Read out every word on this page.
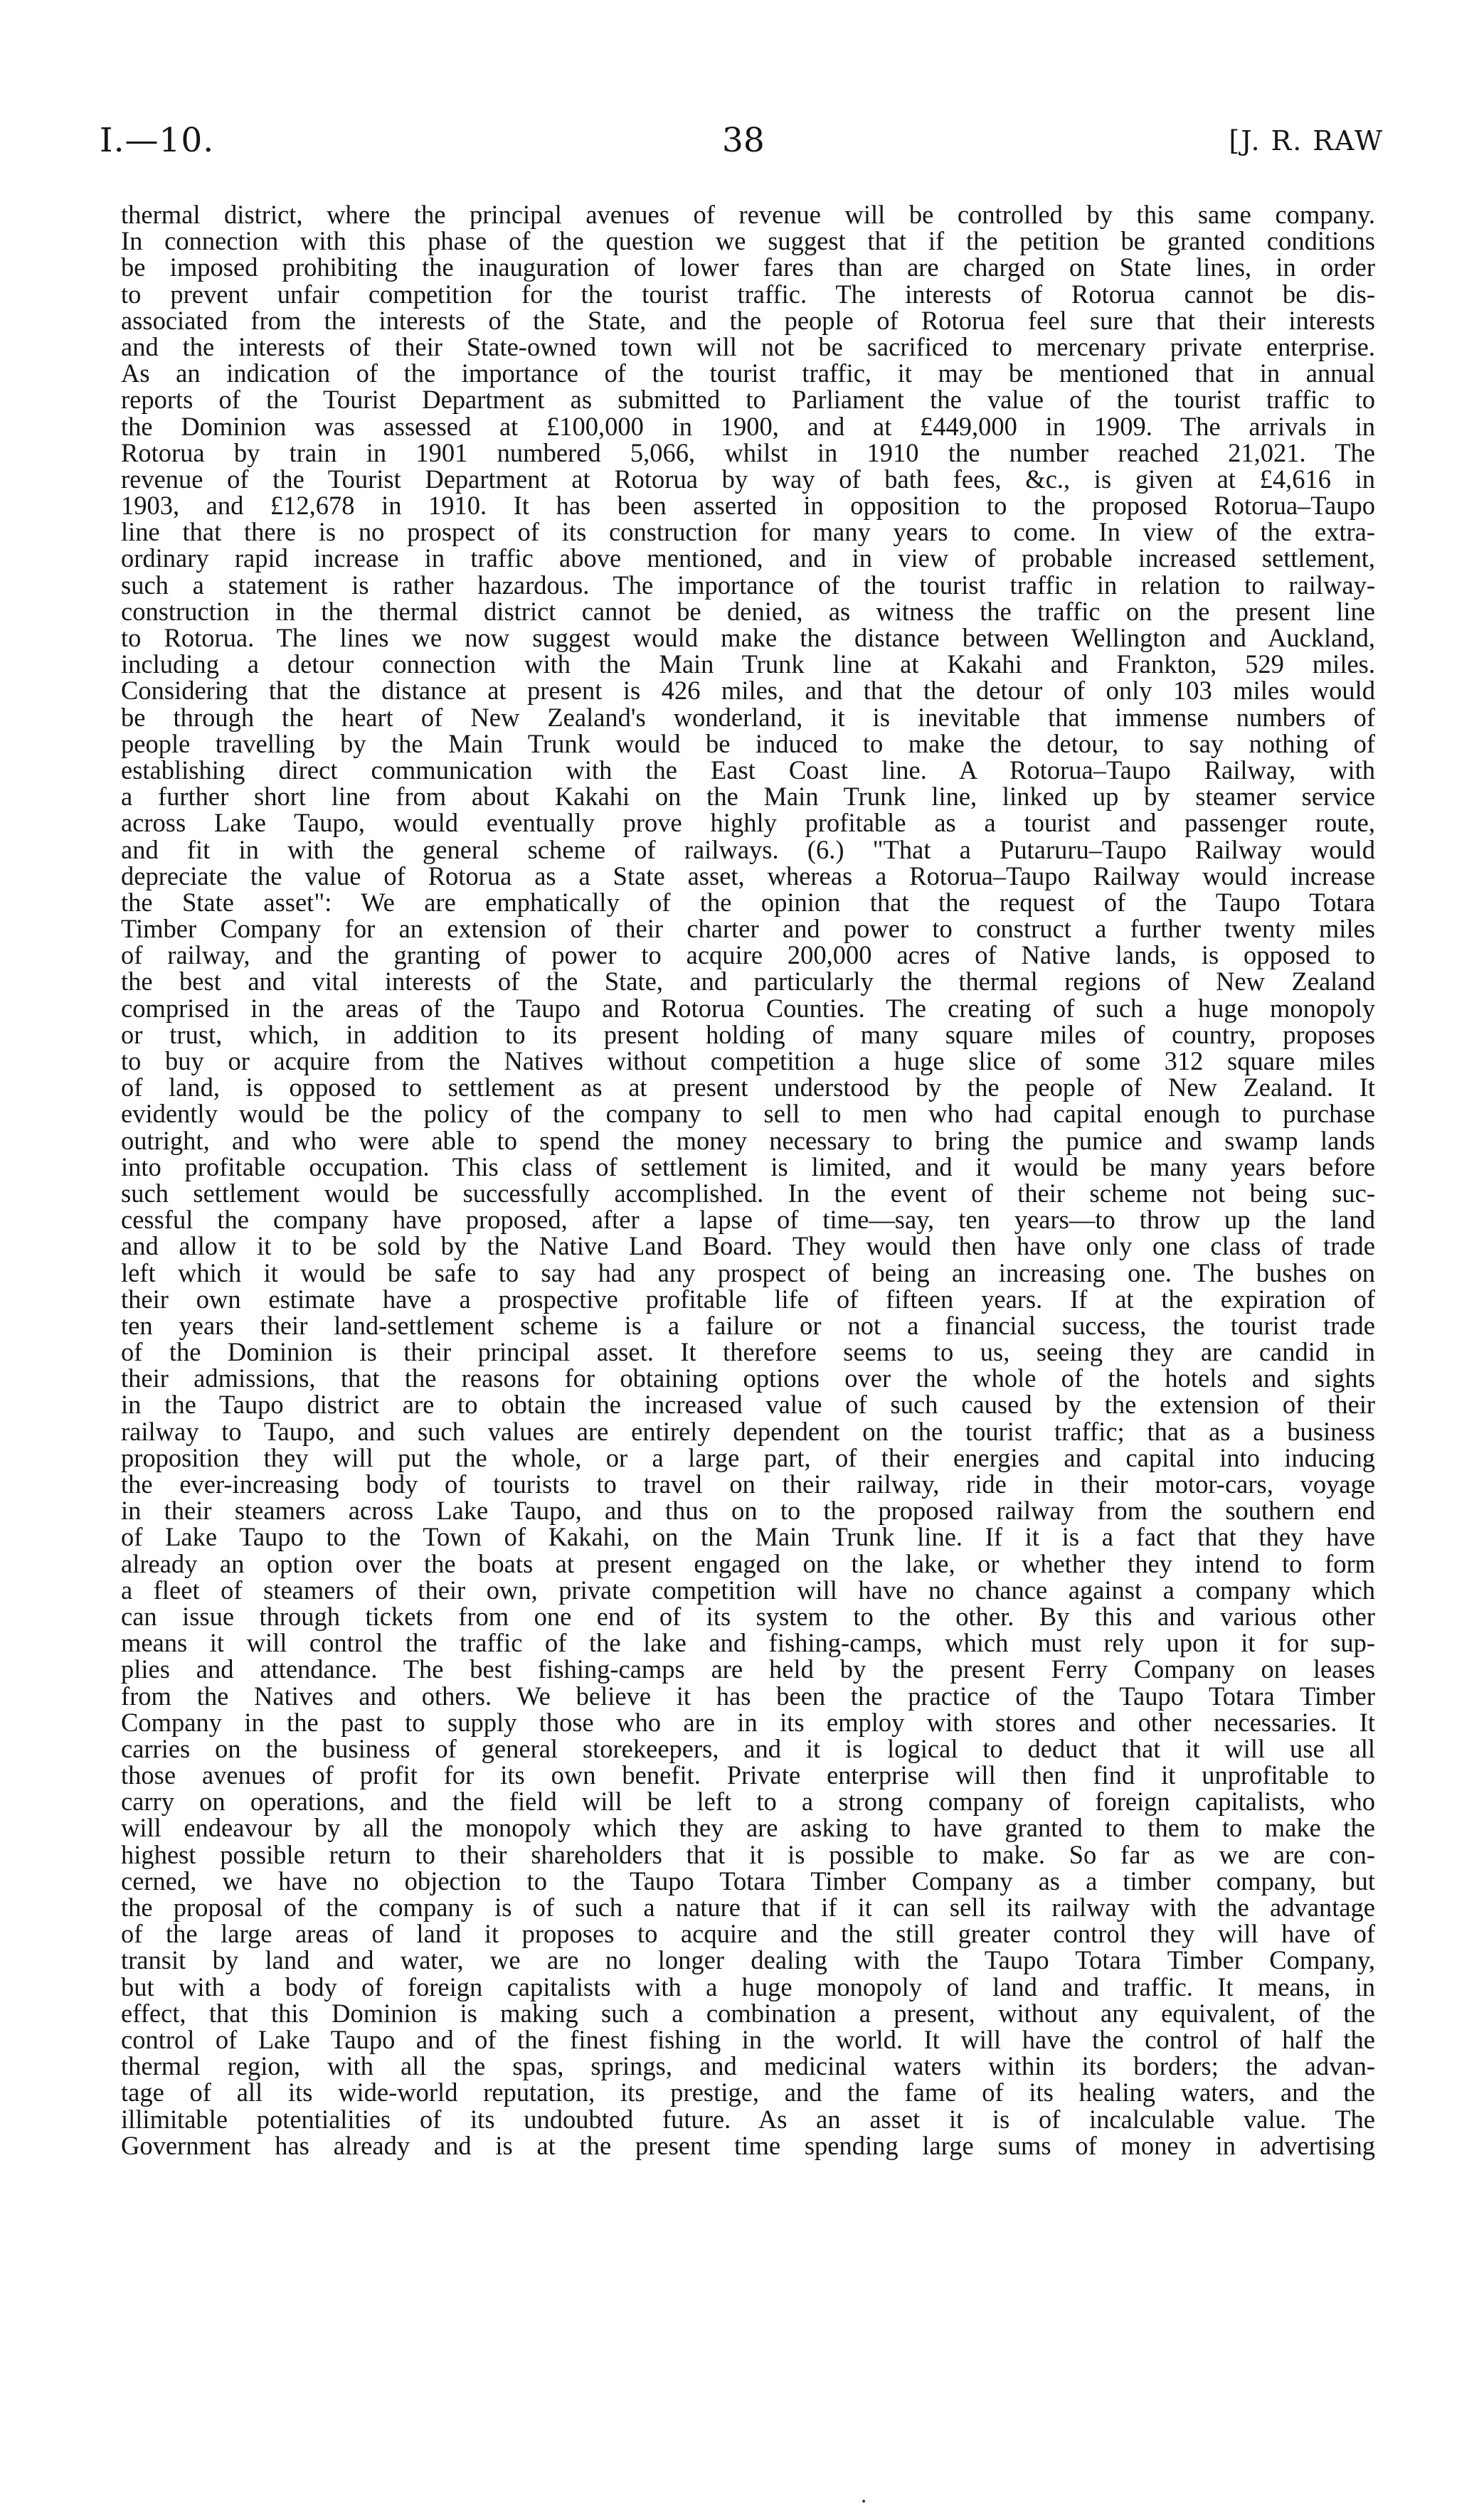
I.—10.	38	[J. R. RAW
thermal district, where the principal avenues of revenue will be controlled by this same company.
In connection with this phase of the question we suggest that if the petition be granted conditions
be imposed prohibiting the inauguration of lower fares than are charged on State lines, in order
to prevent unfair competition for the tourist traffic. The interests of Rotorua cannot be dis-
associated from the interests of the State, and the people of Rotorua feel sure that their interests
and the interests of their State-owned town will not be sacrificed to mercenary private enterprise.
As an indication of the importance of the tourist traffic, it may be mentioned that in annual
reports of the Tourist Department as submitted to Parliament the value of the tourist traffic to
the Dominion was assessed at £100,000 in 1900, and at £449,000 in 1909. The arrivals in
Rotorua by train in 1901 numbered 5,066, whilst in 1910 the number reached 21,021. The
revenue of the Tourist Department at Rotorua by way of bath fees, &c., is given at £4,616 in
1903, and £12,678 in 1910. It has been asserted in opposition to the proposed Rotorua–Taupo
line that there is no prospect of its construction for many years to come. In view of the extra-
ordinary rapid increase in traffic above mentioned, and in view of probable increased settlement,
such a statement is rather hazardous. The importance of the tourist traffic in relation to railway-
construction in the thermal district cannot be denied, as witness the traffic on the present line
to Rotorua. The lines we now suggest would make the distance between Wellington and Auckland,
including a detour connection with the Main Trunk line at Kakahi and Frankton, 529 miles.
Considering that the distance at present is 426 miles, and that the detour of only 103 miles would
be through the heart of New Zealand's wonderland, it is inevitable that immense numbers of
people travelling by the Main Trunk would be induced to make the detour, to say nothing of
establishing direct communication with the East Coast line. A Rotorua–Taupo Railway, with
a further short line from about Kakahi on the Main Trunk line, linked up by steamer service
across Lake Taupo, would eventually prove highly profitable as a tourist and passenger route,
and fit in with the general scheme of railways. (6.) "That a Putaruru–Taupo Railway would
depreciate the value of Rotorua as a State asset, whereas a Rotorua–Taupo Railway would increase
the State asset": We are emphatically of the opinion that the request of the Taupo Totara
Timber Company for an extension of their charter and power to construct a further twenty miles
of railway, and the granting of power to acquire 200,000 acres of Native lands, is opposed to
the best and vital interests of the State, and particularly the thermal regions of New Zealand
comprised in the areas of the Taupo and Rotorua Counties. The creating of such a huge monopoly
or trust, which, in addition to its present holding of many square miles of country, proposes
to buy or acquire from the Natives without competition a huge slice of some 312 square miles
of land, is opposed to settlement as at present understood by the people of New Zealand. It
evidently would be the policy of the company to sell to men who had capital enough to purchase
outright, and who were able to spend the money necessary to bring the pumice and swamp lands
into profitable occupation. This class of settlement is limited, and it would be many years before
such settlement would be successfully accomplished. In the event of their scheme not being suc-
cessful the company have proposed, after a lapse of time—say, ten years—to throw up the land
and allow it to be sold by the Native Land Board. They would then have only one class of trade
left which it would be safe to say had any prospect of being an increasing one. The bushes on
their own estimate have a prospective profitable life of fifteen years. If at the expiration of
ten years their land-settlement scheme is a failure or not a financial success, the tourist trade
of the Dominion is their principal asset. It therefore seems to us, seeing they are candid in
their admissions, that the reasons for obtaining options over the whole of the hotels and sights
in the Taupo district are to obtain the increased value of such caused by the extension of their
railway to Taupo, and such values are entirely dependent on the tourist traffic; that as a business
proposition they will put the whole, or a large part, of their energies and capital into inducing
the ever-increasing body of tourists to travel on their railway, ride in their motor-cars, voyage
in their steamers across Lake Taupo, and thus on to the proposed railway from the southern end
of Lake Taupo to the Town of Kakahi, on the Main Trunk line. If it is a fact that they have
already an option over the boats at present engaged on the lake, or whether they intend to form
a fleet of steamers of their own, private competition will have no chance against a company which
can issue through tickets from one end of its system to the other. By this and various other
means it will control the traffic of the lake and fishing-camps, which must rely upon it for sup-
plies and attendance. The best fishing-camps are held by the present Ferry Company on leases
from the Natives and others. We believe it has been the practice of the Taupo Totara Timber
Company in the past to supply those who are in its employ with stores and other necessaries. It
carries on the business of general storekeepers, and it is logical to deduct that it will use all
those avenues of profit for its own benefit. Private enterprise will then find it unprofitable to
carry on operations, and the field will be left to a strong company of foreign capitalists, who
will endeavour by all the monopoly which they are asking to have granted to them to make the
highest possible return to their shareholders that it is possible to make. So far as we are con-
cerned, we have no objection to the Taupo Totara Timber Company as a timber company, but
the proposal of the company is of such a nature that if it can sell its railway with the advantage
of the large areas of land it proposes to acquire and the still greater control they will have of
transit by land and water, we are no longer dealing with the Taupo Totara Timber Company,
but with a body of foreign capitalists with a huge monopoly of land and traffic. It means, in
effect, that this Dominion is making such a combination a present, without any equivalent, of the
control of Lake Taupo and of the finest fishing in the world. It will have the control of half the
thermal region, with all the spas, springs, and medicinal waters within its borders; the advan-
tage of all its wide-world reputation, its prestige, and the fame of its healing waters, and the
illimitable potentialities of its undoubted future. As an asset it is of incalculable value. The
Government has already and is at the present time spending large sums of money in advertising
•
